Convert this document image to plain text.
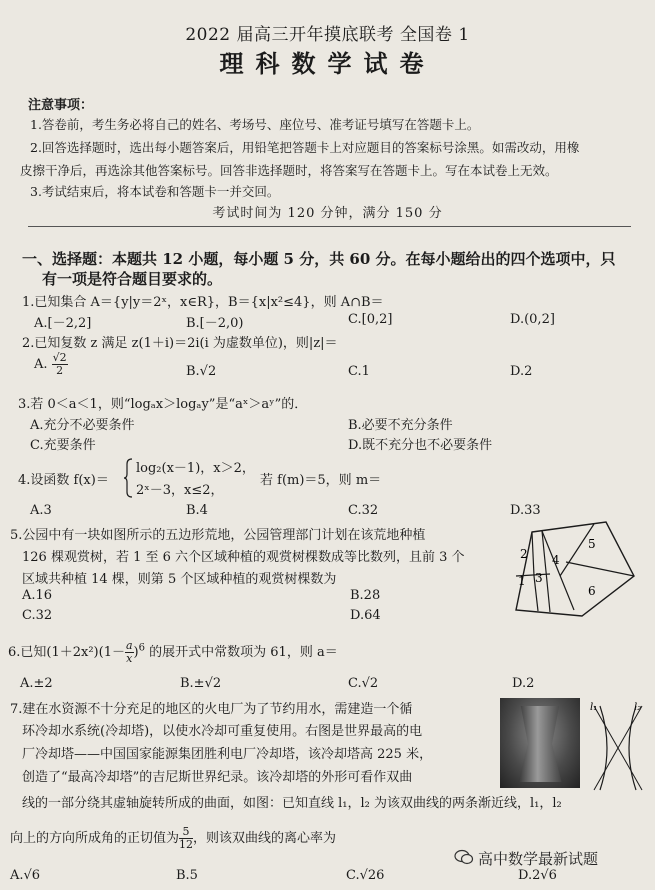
2022 届高三开年摸底联考 全国卷 1
理科数学试卷
注意事项：
1.答卷前，考生务必将自己的姓名、考场号、座位号、准考证号填写在答题卡上。
2.回答选择题时，选出每小题答案后，用铅笔把答题卡上对应题目的答案标号涂黑。如需改动，用橡
皮擦干净后，再选涂其他答案标号。回答非选择题时，将答案写在答题卡上。写在本试卷上无效。
3.考试结束后，将本试卷和答题卡一并交回。
考试时间为 120 分钟，满分 150 分
一、选择题：本题共 12 小题，每小题 5 分，共 60 分。在每小题给出的四个选项中，只
有一项是符合题目要求的。
1.已知集合 A＝{y|y＝2ˣ，x∈R}，B＝{x|x²≤4}，则 A∩B＝
A.[－2,2]	B.[－2,0)	C.[0,2]	D.(0,2]
2.已知复数 z 满足 z(1＋i)＝2i(i 为虚数单位)，则|z|＝
A. $\frac{√2}{2}$	B.√2	C.1	D.2
3.若 0＜a＜1，则“logₐx＞logₐy”是“aˣ＞aʸ”的．
A.充分不必要条件	B.必要不充分条件
C.充要条件	D.既不充分也不必要条件
4.设函数 f(x)＝
log₂(x－1)，x＞2，
2ˣ－3，x≤2，
若 f(m)＝5，则 m＝
A.3	B.4	C.32	D.33
5.公园中有一块如图所示的五边形荒地，公园管理部门计划在该荒地种植
126 棵观赏树，若 1 至 6 六个区域种植的观赏树棵数成等比数列，且前 3 个
区域共种植 14 棵，则第 5 个区域种植的观赏树棵数为
A.16	B.28
C.32	D.64
1
2
3
4
5
6
6.已知$(1+2x^2)(1- \frac{a}{x} )^6$ 的展开式中常数项为 61，则 a＝
A.±2	B.±√2	C.√2	D.2
7.建在水资源不十分充足的地区的火电厂为了节约用水，需建造一个循
环冷却水系统(冷却塔)，以使水冷却可重复使用。右图是世界最高的电
厂冷却塔——中国国家能源集团胜利电厂冷却塔，该冷却塔高 225 米，
创造了“最高冷却塔”的吉尼斯世界纪录。该冷却塔的外形可看作双曲
线的一部分绕其虚轴旋转所成的曲面，如图：已知直线 l₁，l₂ 为该双曲线的两条渐近线，l₁，l₂
向上的方向所成角的正切值为 $\frac{5}{12}$ ，则该双曲线的离心率为
A.√6	B.5	C.√26	D.2√6
l₁	l₂
高中数学最新试题
